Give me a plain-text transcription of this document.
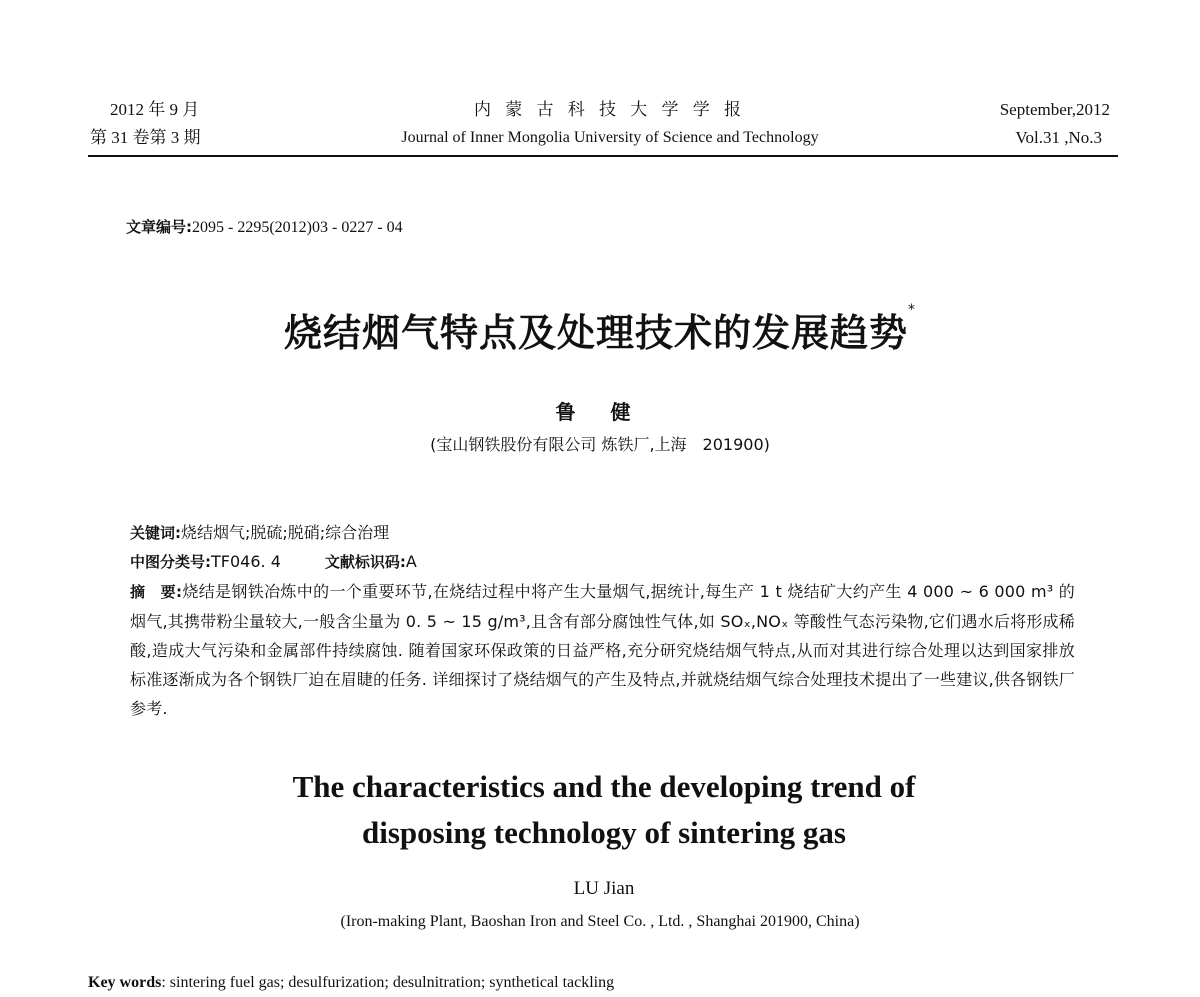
2012 年 9 月
第 31 卷第 3 期
内 蒙 古 科 技 大 学 学 报
Journal of Inner Mongolia University of Science and Technology
September,2012
Vol.31 ,No.3
文章编号:2095 - 2295(2012)03 - 0227 - 04
烧结烟气特点及处理技术的发展趋势*
鲁 健
(宝山钢铁股份有限公司 炼铁厂,上海　201900)
关键词:烧结烟气;脱硫;脱硝;综合治理
中图分类号:TF046. 4	文献标识码:A
摘　要:烧结是钢铁冶炼中的一个重要环节,在烧结过程中将产生大量烟气,据统计,每生产 1 t 烧结矿大约产生 4 000 ~ 6 000 m³ 的烟气,其携带粉尘量较大,一般含尘量为 0. 5 ~ 15 g/m³,且含有部分腐蚀性气体,如 SOₓ,NOₓ 等酸性气态污染物,它们遇水后将形成稀酸,造成大气污染和金属部件持续腐蚀. 随着国家环保政策的日益严格,充分研究烧结烟气特点,从而对其进行综合处理以达到国家排放标准逐渐成为各个钢铁厂迫在眉睫的任务. 详细探讨了烧结烟气的产生及特点,并就烧结烟气综合处理技术提出了一些建议,供各钢铁厂参考.
The characteristics and the developing trend of
disposing technology of sintering gas
LU Jian
(Iron-making Plant, Baoshan Iron and Steel Co. , Ltd. , Shanghai 201900, China)
Key words: sintering fuel gas; desulfurization; desulnitration; synthetical tackling
